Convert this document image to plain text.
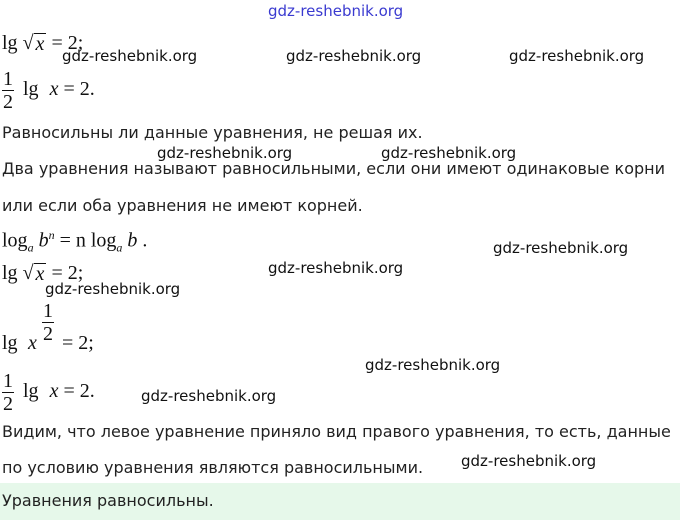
gdz-reshebnik.org
lg √ x = 2;
gdz-reshebnik.org	gdz-reshebnik.org	gdz-reshebnik.org
$\frac{1}{2}$ lg x = 2.
Равносильны ли данные уравнения, не решая их.
gdz-reshebnik.org	gdz-reshebnik.org
Два уравнения называют равносильными, если они имеют одинаковые корни
или если оба уравнения не имеют корней.
$\log_a b^n = n$ $\log_a b$ .	gdz-reshebnik.org
lg √ x = 2;	gdz-reshebnik.org
gdz-reshebnik.org
lg x $\frac{1}{2} = 2$;
gdz-reshebnik.org
$\frac{1}{2}$ lg x = 2.	gdz-reshebnik.org
Видим, что левое уравнение приняло вид правого уравнения, то есть, данные
по условию уравнения являются равносильными.	gdz-reshebnik.org
Уравнения равносильны.
